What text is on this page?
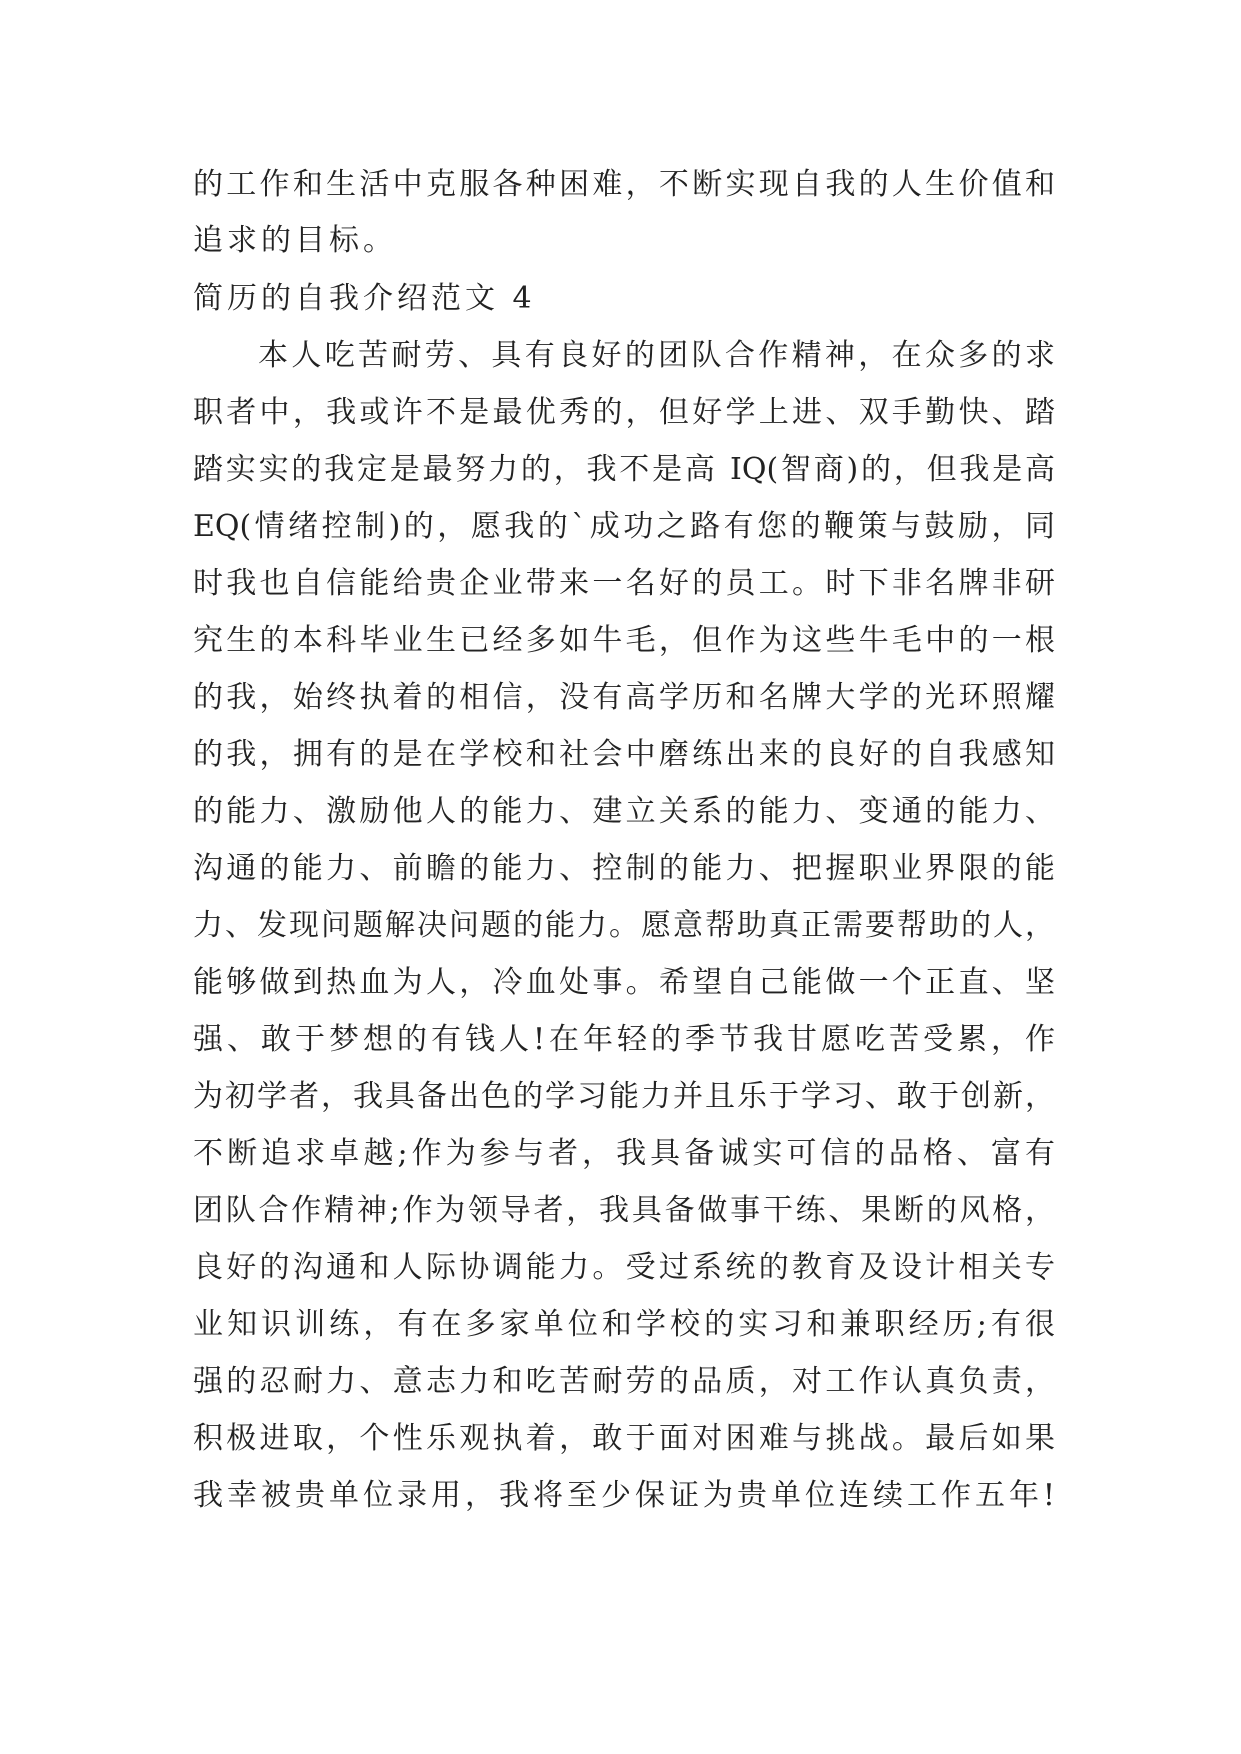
的工作和生活中克服各种困难，不断实现自我的人生价值和
追求的目标。
简历的自我介绍范文 4
本人吃苦耐劳、具有良好的团队合作精神，在众多的求
职者中，我或许不是最优秀的，但好学上进、双手勤快、踏
踏实实的我定是最努力的，我不是高 IQ(智商)的，但我是高
EQ(情绪控制)的，愿我的`成功之路有您的鞭策与鼓励，同
时我也自信能给贵企业带来一名好的员工。时下非名牌非研
究生的本科毕业生已经多如牛毛，但作为这些牛毛中的一根
的我，始终执着的相信，没有高学历和名牌大学的光环照耀
的我，拥有的是在学校和社会中磨练出来的良好的自我感知
的能力、激励他人的能力、建立关系的能力、变通的能力、
沟通的能力、前瞻的能力、控制的能力、把握职业界限的能
力、发现问题解决问题的能力。愿意帮助真正需要帮助的人，
能够做到热血为人，冷血处事。希望自己能做一个正直、坚
强、敢于梦想的有钱人!在年轻的季节我甘愿吃苦受累，作
为初学者，我具备出色的学习能力并且乐于学习、敢于创新，
不断追求卓越;作为参与者，我具备诚实可信的品格、富有
团队合作精神;作为领导者，我具备做事干练、果断的风格，
良好的沟通和人际协调能力。受过系统的教育及设计相关专
业知识训练，有在多家单位和学校的实习和兼职经历;有很
强的忍耐力、意志力和吃苦耐劳的品质，对工作认真负责，
积极进取，个性乐观执着，敢于面对困难与挑战。最后如果
我幸被贵单位录用，我将至少保证为贵单位连续工作五年!
